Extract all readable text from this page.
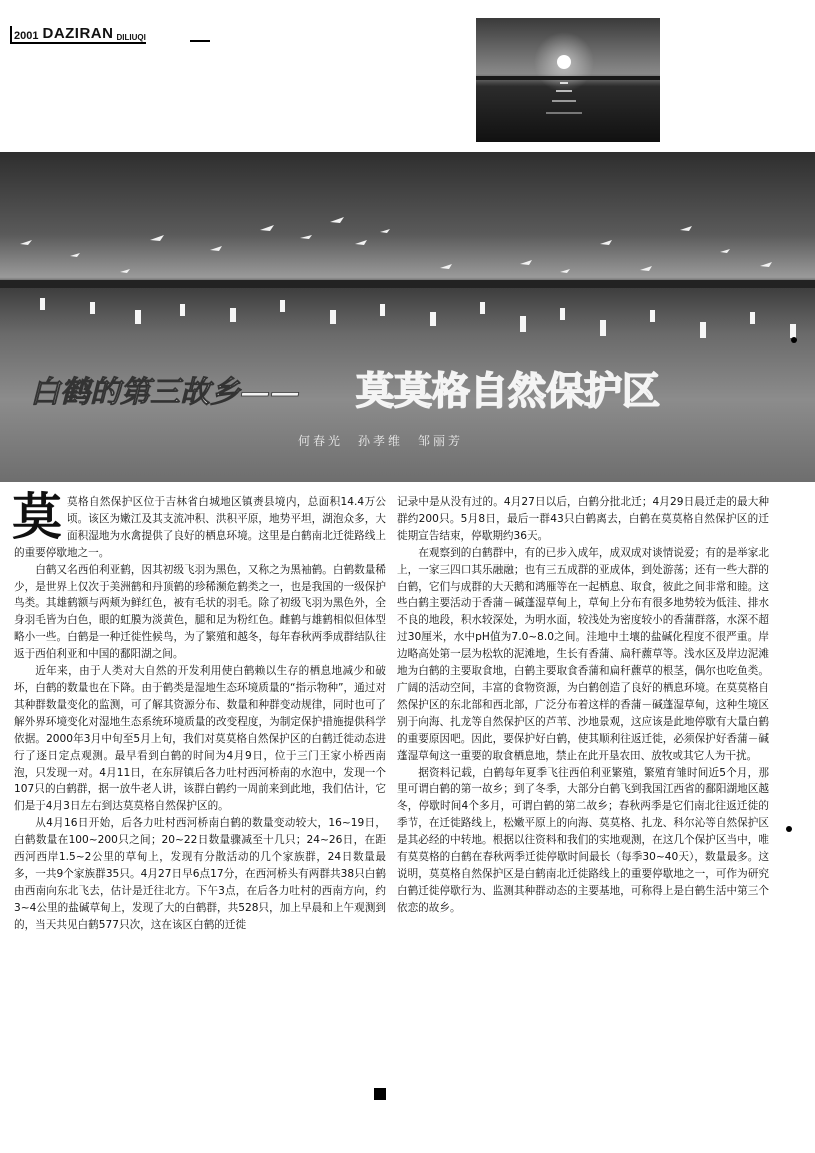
2001 DAZIRAN DILIUQI
白鹤的第三故乡—— 莫莫格自然保护区
何春光　孙孝维　邹丽芳
莫 莫格自然保护区位于吉林省白城地区镇赉县境内，总面积14.4万公顷。该区为嫩江及其支流冲积、洪积平原，地势平坦，湖泡众多，大面积湿地为水禽提供了良好的栖息环境。这里是白鹤南北迁徙路线上的重要停歇地之一。

白鹤又名西伯利亚鹤，因其初级飞羽为黑色，又称之为黑袖鹤。白鹤数量稀少，是世界上仅次于美洲鹤和丹顶鹤的珍稀濒危鹤类之一，也是我国的一级保护鸟类。其雄鹤额与两颊为鲜红色，被有毛状的羽毛。除了初级飞羽为黑色外，全身羽毛皆为白色，眼的虹膜为淡黄色，腿和足为粉红色。雌鹤与雄鹤相似但体型略小一些。白鹤是一种迁徙性候鸟，为了繁殖和越冬，每年春秋两季成群结队往返于西伯利亚和中国的鄱阳湖之间。

近年来，由于人类对大自然的开发利用使白鹤赖以生存的栖息地减少和破坏，白鹤的数量也在下降。由于鹤类是湿地生态环境质量的“指示物种”，通过对其种群数量变化的监测，可了解其资源分布、数量和种群变动规律，同时也可了解外界环境变化对湿地生态系统环境质量的改变程度，为制定保护措施提供科学依据。2000年3月中旬至5月上旬，我们对莫莫格自然保护区的白鹤迁徙动态进行了逐日定点观测。最早看到白鹤的时间为4月9日，位于三门王家小桥西南泡，只发现一对。4月11日，在东屏镇后各力吐村西河桥南的水泡中，发现一个107只的白鹤群，据一放牛老人讲，该群白鹤约一周前来到此地，我们估计，它们是于4月3日左右到达莫莫格自然保护区的。

从4月16日开始，后各力吐村西河桥南白鹤的数量变动较大，16~19日，白鹤数量在100~200只之间；20~22日数量骤减至十几只；24~26日，在距西河西岸1.5~2公里的草甸上，发现有分散活动的几个家族群，24日数量最多，一共9个家族群35只。4月27日早6点17分，在西河桥头有两群共38只白鹤由西南向东北飞去，估计是迁往北方。下午3点，在后各力吐村的西南方向，约3~4公里的盐碱草甸上，发现了大的白鹤群，共528只，加上早晨和上午观测到的，当天共见白鹤577只次，这在该区白鹤的迁徙

记录中是从没有过的。4月27日以后，白鹤分批北迁；4月29日晨迁走的最大种群约200只。5月8日，最后一群43只白鹤离去，白鹤在莫莫格自然保护区的迁徙期宣告结束，停歇期约36天。

在观察到的白鹤群中，有的已步入成年，成双成对谈情说爱；有的是举家北上，一家三四口其乐融融；也有三五成群的亚成体，到处游荡；还有一些大群的白鹤，它们与成群的大天鹅和鸿雁等在一起栖息、取食，彼此之间非常和睦。这些白鹤主要活动于香蒲－碱蓬湿草甸上，草甸上分布有很多地势较为低洼、排水不良的地段，积水较深处，为明水面，较浅处为密度较小的香蒲群落，水深不超过30厘米，水中pH值为7.0~8.0之间。洼地中土壤的盐碱化程度不很严重。岸边略高处第一层为松软的泥滩地，生长有香蒲、扁秆藨草等。浅水区及岸边泥滩地为白鹤的主要取食地，白鹤主要取食香蒲和扁秆藨草的根茎，偶尔也吃鱼类。广阔的活动空间，丰富的食物资源，为白鹤创造了良好的栖息环境。在莫莫格自然保护区的东北部和西北部，广泛分布着这样的香蒲－碱蓬湿草甸，这种生境区别于向海、扎龙等自然保护区的芦苇、沙地景观，这应该是此地停歇有大量白鹤的重要原因吧。因此，要保护好白鹤，使其顺利往返迁徙，必须保护好香蒲－碱蓬湿草甸这一重要的取食栖息地，禁止在此开垦农田、放牧或其它人为干扰。

据资料记载，白鹤每年夏季飞往西伯利亚繁殖，繁殖育雏时间近5个月，那里可谓白鹤的第一故乡；到了冬季，大部分白鹤飞到我国江西省的鄱阳湖地区越冬，停歇时间4个多月，可谓白鹤的第二故乡；春秋两季是它们南北往返迁徙的季节，在迁徙路线上，松嫩平原上的向海、莫莫格、扎龙、科尔沁等自然保护区是其必经的中转地。根据以往资料和我们的实地观测，在这几个保护区当中，唯有莫莫格的白鹤在春秋两季迁徙停歇时间最长（每季30~40天），数量最多。这说明，莫莫格自然保护区是白鹤南北迁徙路线上的重要停歇地之一，可作为研究白鹤迁徙停歇行为、监测其种群动态的主要基地，可称得上是白鹤生活中第三个依恋的故乡。
